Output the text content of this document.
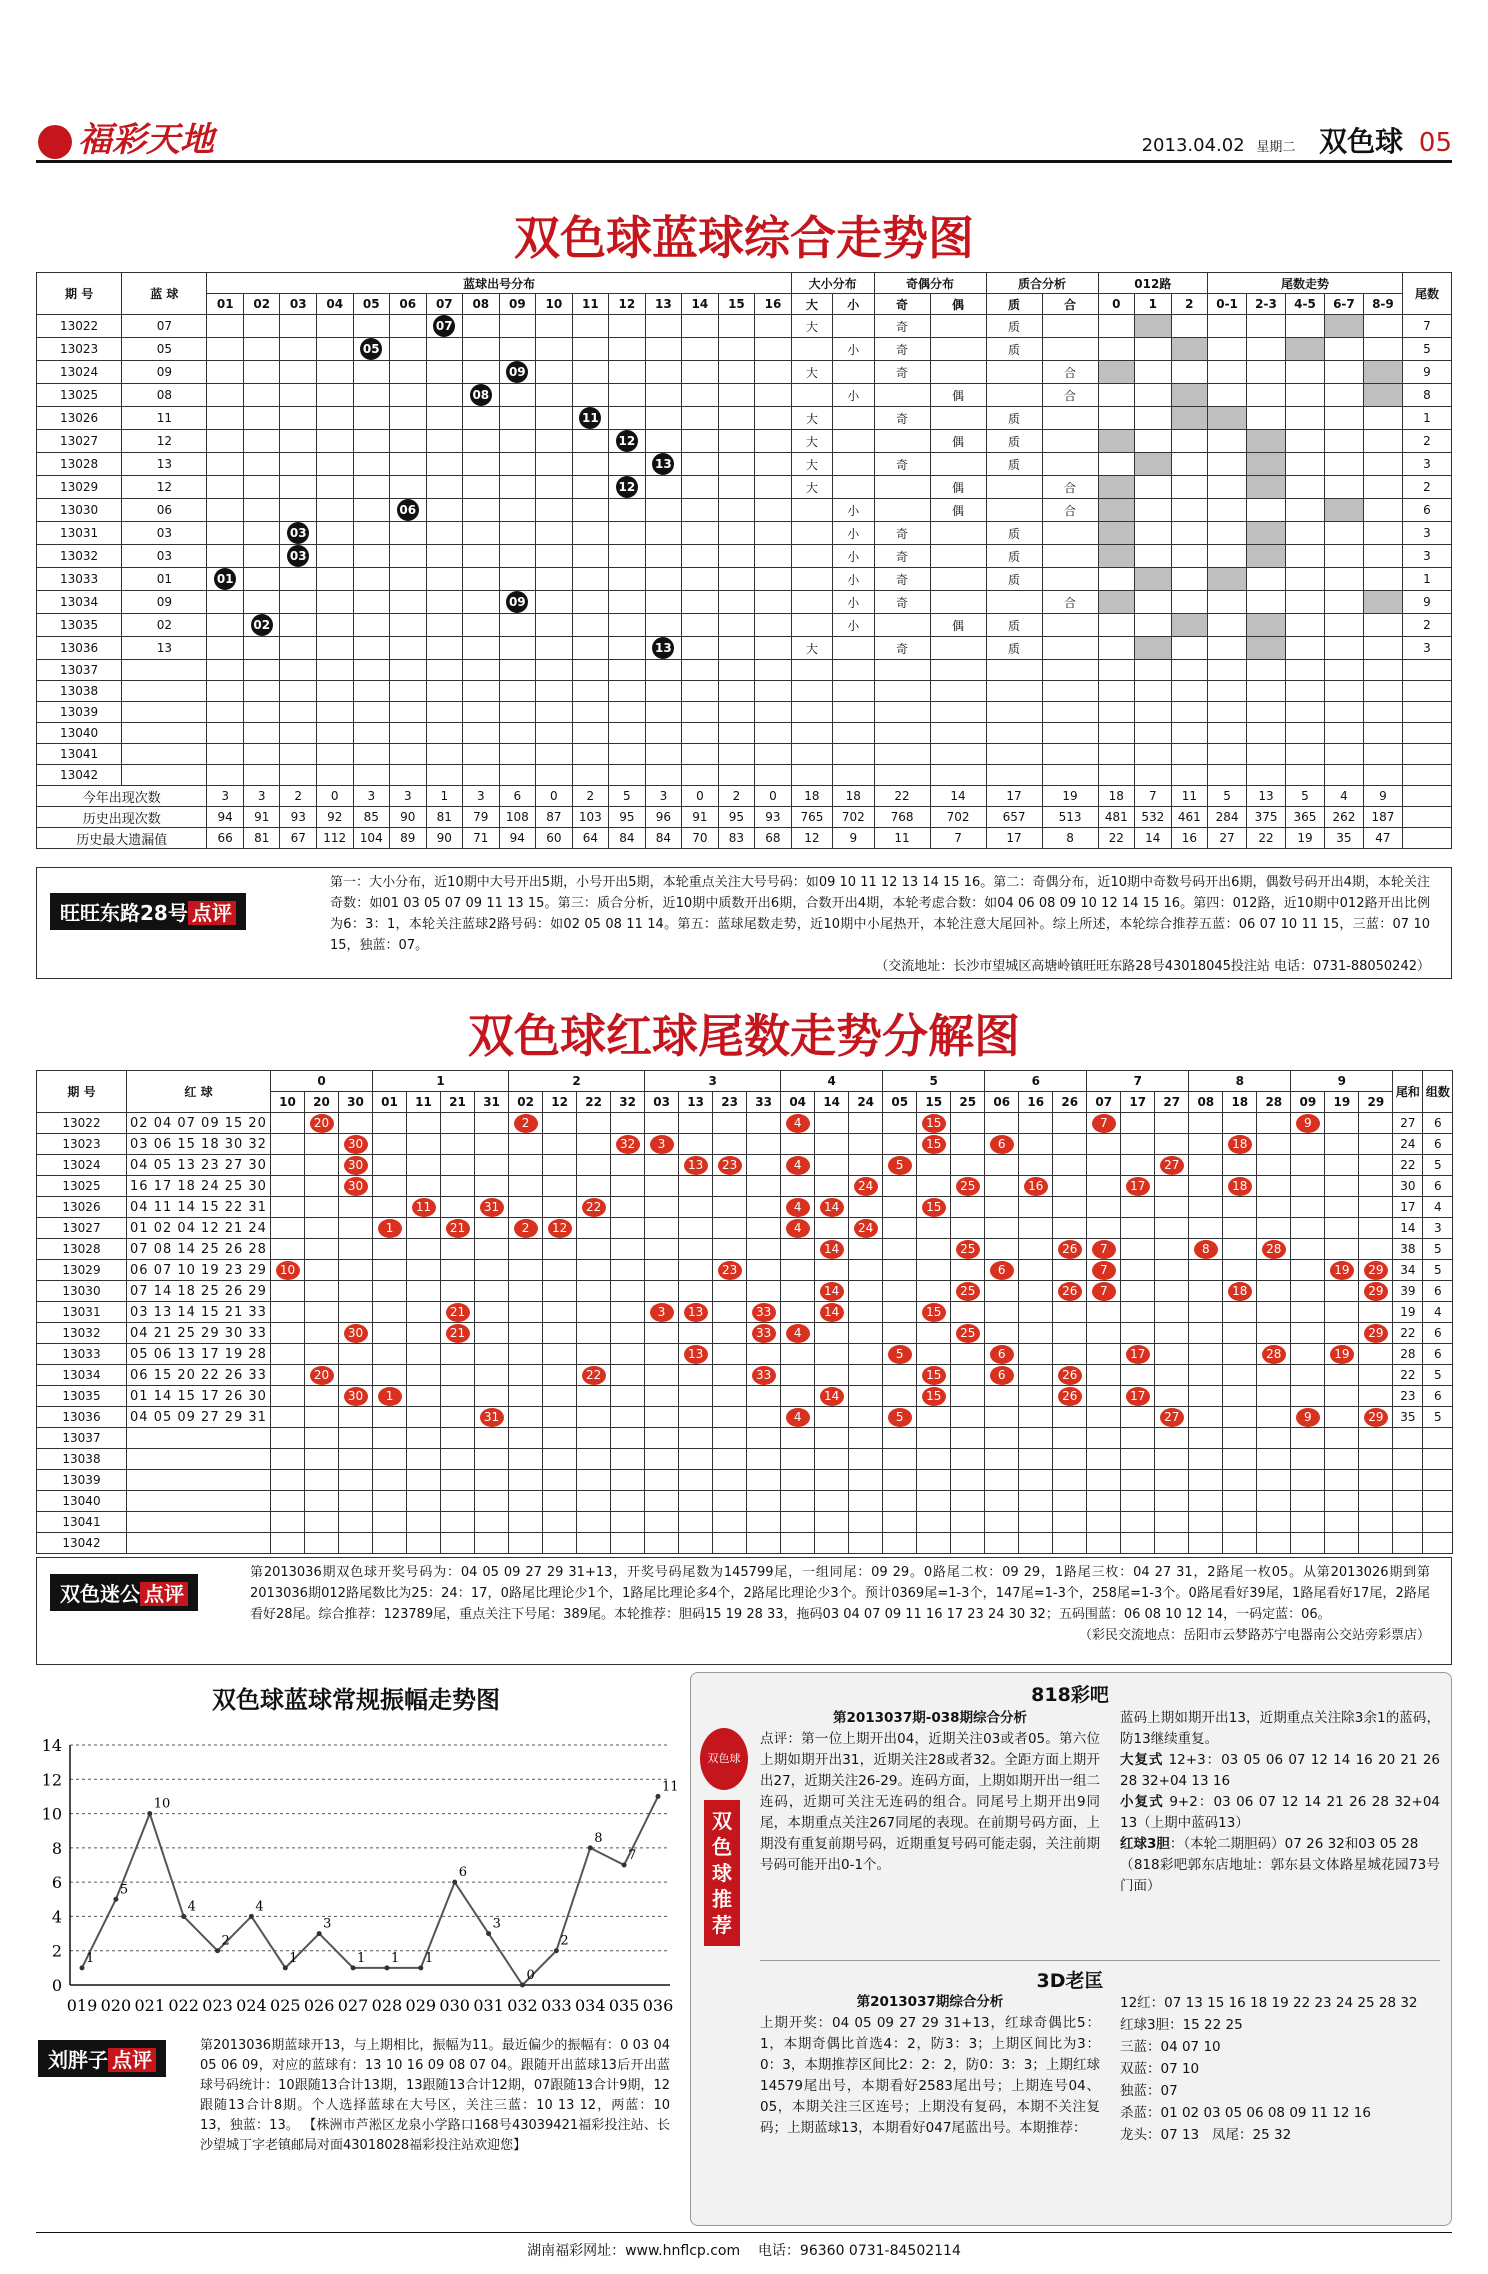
福彩天地	2013.04.02 星期二 双色球 05
双色球蓝球综合走势图
期 号	蓝 球	蓝球出号分布																大小分布		奇偶分布		质合分析		012路			尾数走势					尾数
		01	02	03	04	05	06	07	08	09	10	11	12	13	14	15	16	大	小	奇	偶	质	合	0	1	2	0-1	2-3	4-5	6-7	8-9	
13022	07							07										大		奇		质										7
13023	05					05													小	奇		质										5
13024	09									09								大		奇			合									9
13025	08								08										小		偶		合									8
13026	11											11						大		奇		质										1
13027	12												12					大			偶	质										2
13028	13													13				大		奇		质										3
13029	12												12					大			偶		合									2
13030	06						06												小		偶		合									6
13031	03			03															小	奇		质										3
13032	03			03															小	奇		质										3
13033	01	01																	小	奇		质										1
13034	09									09									小	奇			合									9
13035	02		02																小		偶	质										2
13036	13													13				大		奇		质										3
13037																																
13038																																
13039																																
13040																																
13041																																
13042																																
今年出现次数		3	3	2	0	3	3	1	3	6	0	2	5	3	0	2	0	18	18	22	14	17	19	18	7	11	5	13	5	4	9	
历史出现次数		94	91	93	92	85	90	81	79	108	87	103	95	96	91	95	93	765	702	768	702	657	513	481	532	461	284	375	365	262	187	
历史最大遗漏值		66	81	67	112	104	89	90	71	94	60	64	84	84	70	83	68	12	9	11	7	17	8	22	14	16	27	22	19	35	47	
旺旺东路28号 点评
第一：大小分布，近10期中大号开出5期，小号开出5期，本轮重点关注大号号码：如09 10 11 12 13 14 15 16。第二：奇偶分布，近10期中奇数号码开出6期，偶数号码开出4期，本轮关注奇数：如01 03 05 07 09 11 13 15。第三：质合分析，近10期中质数开出6期，合数开出4期，本轮考虑合数：如04 06 08 09 10 12 14 15 16。第四：012路，近10期中012路开出比例为6：3：1，本轮关注蓝球2路号码：如02 05 08 11 14。第五：蓝球尾数走势，近10期中小尾热开，本轮注意大尾回补。综上所述，本轮综合推荐五蓝：06 07 10 11 15，三蓝：07 10 15，独蓝：07。
（交流地址：长沙市望城区高塘岭镇旺旺东路28号43018045投注站 电话：0731-88050242）
双色球红球尾数走势分解图
期 号	红 球	0			1				2				3				4			5			6			7			8			9			尾和	组数
		10	20	30	01	11	21	31	02	12	22	32	03	13	23	33	04	14	24	05	15	25	06	16	26	07	17	27	08	18	28	09	19	29		
13022	02 04 07 09 15 20		20						2								4				15					7						9			27	6
13023	03 06 15 18 30 32			30								32	3								15		6							18					24	6
13024	04 05 13 23 27 30			30										13	23		4			5								27							22	5
13025	16 17 18 24 25 30			30															24			25		16			17			18					30	6
13026	04 11 14 15 22 31					11		31			22						4	14			15														17	4
13027	01 02 04 12 21 24				1		21		2	12							4		24																14	3
13028	07 08 14 25 26 28																	14				25			26	7			8		28				38	5
13029	06 07 10 19 23 29	10													23								6			7							19	29	34	5
13030	07 14 18 25 26 29																	14				25			26	7				18				29	39	6
13031	03 13 14 15 21 33						21						3	13		33		14			15														19	4
13032	04 21 25 29 30 33			30			21									33	4					25												29	22	6
13033	05 06 13 17 19 28													13						5			6				17				28		19		28	6
13034	06 15 20 22 26 33		20								22					33					15		6		26										22	5
13035	01 14 15 17 26 30			30	1													14			15				26		17								23	6
13036	04 05 09 27 29 31							31									4			5								27				9		29	35	5
13037																																				
13038																																				
13039																																				
13040																																				
13041																																				
13042																																				
双色迷公 点评
第2013036期双色球开奖号码为：04 05 09 27 29 31+13，开奖号码尾数为145799尾，一组同尾：09 29。0路尾二枚：09 29，1路尾三枚：04 27 31，2路尾一枚05。从第2013026期到第2013036期012路尾数比为25：24：17，0路尾比理论少1个，1路尾比理论多4个，2路尾比理论少3个。预计0369尾=1-3个，147尾=1-3个，258尾=1-3个。0路尾看好39尾，1路尾看好17尾，2路尾看好28尾。综合推荐：123789尾，重点关注下号尾：389尾。本轮推荐：胆码15 19 28 33，拖码03 04 07 09 11 16 17 23 24 30 32；五码围蓝：06 08 10 12 14，一码定蓝：06。
（彩民交流地点：岳阳市云梦路苏宁电器南公交站旁彩票店）
双色球蓝球常规振幅走势图
0
2
4
6
8
10
12
14
1
5
10
4
2
4
1
3
1 1 1
6
3
0
2
8
7
11
019 020 021 022 023 024 025 026 027 028 029 030 031 032 033 034 035 036
刘胖子 点评
第2013036期蓝球开13，与上期相比，振幅为11。最近偏少的振幅有：0 03 04 05 06 09，对应的蓝球有：13 10 16 09 08 07 04。跟随开出蓝球13后开出蓝球号码统计：10跟随13合计13期，13跟随13合计12期，07跟随13合计9期，12跟随13合计8期。个人选择蓝球在大号区，关注三蓝：10 13 12，两蓝：10 13，独蓝：13。 【株洲市芦淞区龙泉小学路口168号43039421福彩投注站、长沙望城丁字老镇邮局对面43018028福彩投注站欢迎您】
双色球
双色球推荐
818彩吧
第2013037期-038期综合分析
点评：第一位上期开出04，近期关注03或者05。第六位上期如期开出31，近期关注28或者32。全距方面上期开出27，近期关注26-29。连码方面，上期如期开出一组二连码，近期可关注无连码的组合。同尾号上期开出9同尾，本期重点关注267同尾的表现。在前期号码方面，上期没有重复前期号码，近期重复号码可能走弱，关注前期号码可能开出0-1个。
蓝码上期如期开出13，近期重点关注除3余1的蓝码，防13继续重复。
大复式 12+3：03 05 06 07 12 14 16 20 21 26 28 32+04 13 16
小复式 9+2：03 06 07 12 14 21 26 28 32+04 13（上期中蓝码13）
红球3胆：（本轮二期胆码）07 26 32和03 05 28
（818彩吧郭东店地址：郭东县文体路星城花园73号门面）
3D老匡
第2013037期综合分析
上期开奖：04 05 09 27 29 31+13，红球奇偶比5：1，本期奇偶比首选4：2，防3：3；上期区间比为3：0：3，本期推荐区间比2：2：2，防0：3：3；上期红球14579尾出号，本期看好2583尾出号；上期连号04、05，本期关注三区连号；上期没有复码，本期不关注复码；上期蓝球13，本期看好047尾蓝出号。本期推荐：
12红：07 13 15 16 18 19 22 23 24 25 28 32
红球3胆：15 22 25
三蓝：04 07 10
双蓝：07 10
独蓝：07
杀蓝：01 02 03 05 06 08 09 11 12 16
龙头：07 13 凤尾：25 32
湖南福彩网址：www.hnflcp.com 电话：96360 0731-84502114
